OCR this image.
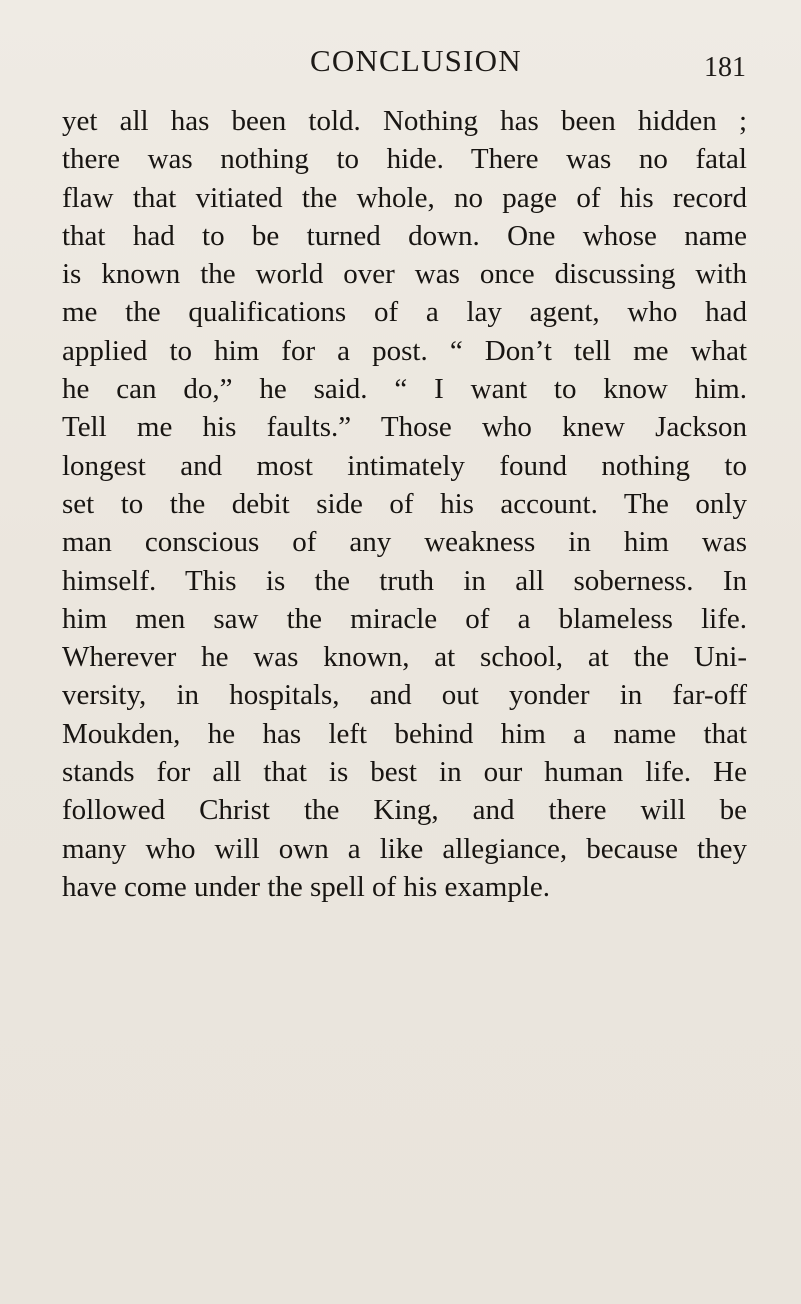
CONCLUSION	181
yet all has been told. Nothing has been hidden ;
there was nothing to hide. There was no fatal
flaw that vitiated the whole, no page of his record
that had to be turned down. One whose name
is known the world over was once discussing with
me the qualifications of a lay agent, who had
applied to him for a post. “ Don’t tell me what
he can do,” he said. “ I want to know him.
Tell me his faults.” Those who knew Jackson
longest and most intimately found nothing to
set to the debit side of his account. The only
man conscious of any weakness in him was
himself. This is the truth in all soberness. In
him men saw the miracle of a blameless life.
Wherever he was known, at school, at the Uni-
versity, in hospitals, and out yonder in far-off
Moukden, he has left behind him a name that
stands for all that is best in our human life. He
followed Christ the King, and there will be
many who will own a like allegiance, because they
have come under the spell of his example.
